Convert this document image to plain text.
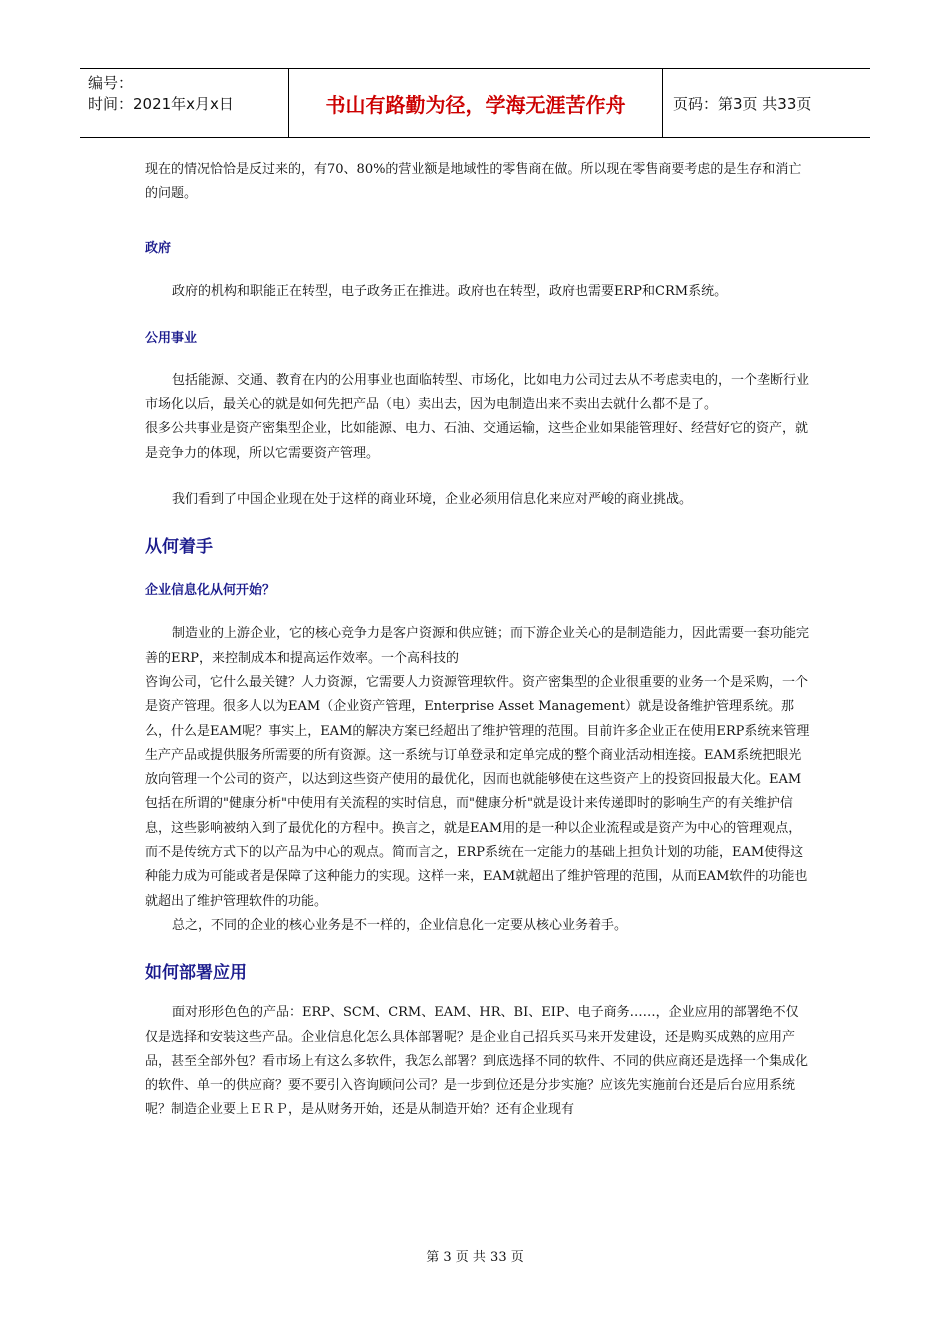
编号：
时间：2021年x月x日	书山有路勤为径，学海无涯苦作舟	页码：第3页 共33页

现在的情况恰恰是反过来的，有70、80%的营业额是地域性的零售商在做。所以现在零售商要考虑的是生存和消亡的问题。

政府

政府的机构和职能正在转型，电子政务正在推进。政府也在转型，政府也需要ERP和CRM系统。

公用事业

包括能源、交通、教育在内的公用事业也面临转型、市场化，比如电力公司过去从不考虑卖电的，一个垄断行业市场化以后，最关心的就是如何先把产品（电）卖出去，因为电制造出来不卖出去就什么都不是了。

很多公共事业是资产密集型企业，比如能源、电力、石油、交通运输，这些企业如果能管理好、经营好它的资产，就是竞争力的体现，所以它需要资产管理。

我们看到了中国企业现在处于这样的商业环境，企业必须用信息化来应对严峻的商业挑战。

从何着手
企业信息化从何开始？

制造业的上游企业，它的核心竞争力是客户资源和供应链；而下游企业关心的是制造能力，因此需要一套功能完善的ERP，来控制成本和提高运作效率。一个高科技的

咨询公司，它什么最关键？人力资源，它需要人力资源管理软件。资产密集型的企业很重要的业务一个是采购，一个是资产管理。很多人以为EAM（企业资产管理，Enterprise Asset Management）就是设备维护管理系统。那么，什么是EAM呢？事实上，EAM的解决方案已经超出了维护管理的范围。目前许多企业正在使用ERP系统来管理生产产品或提供服务所需要的所有资源。这一系统与订单登录和定单完成的整个商业活动相连接。EAM系统把眼光放向管理一个公司的资产，以达到这些资产使用的最优化，因而也就能够使在这些资产上的投资回报最大化。EAM包括在所谓的"健康分析"中使用有关流程的实时信息，而"健康分析"就是设计来传递即时的影响生产的有关维护信息，这些影响被纳入到了最优化的方程中。换言之，就是EAM用的是一种以企业流程或是资产为中心的管理观点，而不是传统方式下的以产品为中心的观点。简而言之，ERP系统在一定能力的基础上担负计划的功能，EAM使得这种能力成为可能或者是保障了这种能力的实现。这样一来，EAM就超出了维护管理的范围，从而EAM软件的功能也就超出了维护管理软件的功能。

总之，不同的企业的核心业务是不一样的，企业信息化一定要从核心业务着手。

如何部署应用

面对形形色色的产品：ERP、SCM、CRM、EAM、HR、BI、EIP、电子商务……，企业应用的部署绝不仅仅是选择和安装这些产品。企业信息化怎么具体部署呢？是企业自己招兵买马来开发建设，还是购买成熟的应用产品，甚至全部外包？看市场上有这么多软件，我怎么部署？到底选择不同的软件、不同的供应商还是选择一个集成化的软件、单一的供应商？要不要引入咨询顾问公司？是一步到位还是分步实施？应该先实施前台还是后台应用系统呢？制造企业要上ＥＲＰ，是从财务开始，还是从制造开始？还有企业现有

第 3 页 共 33 页
